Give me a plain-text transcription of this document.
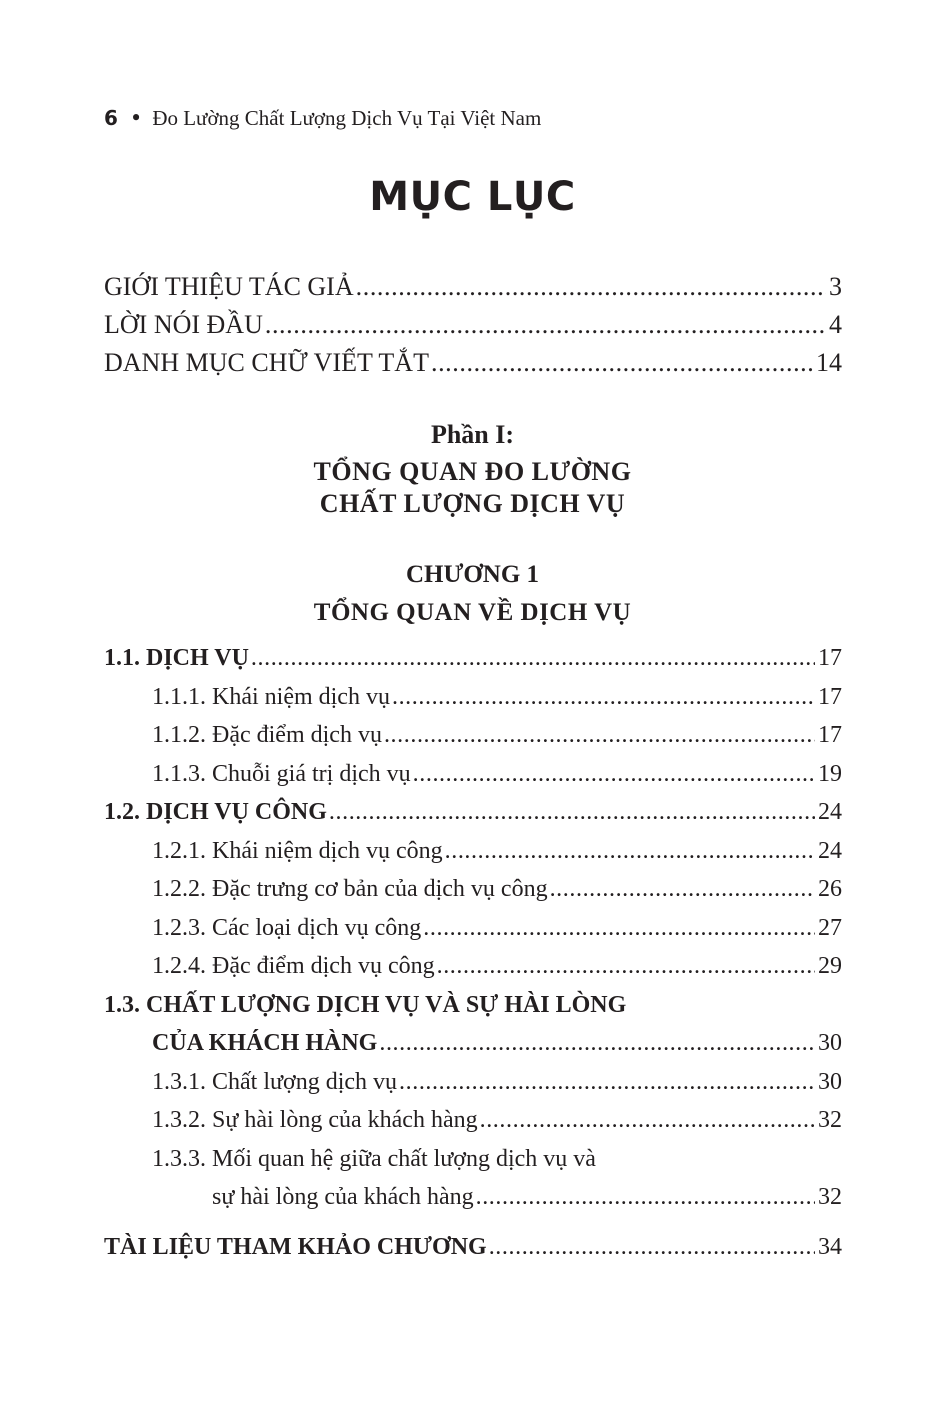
6 • Đo Lường Chất Lượng Dịch Vụ Tại Việt Nam
MỤC LỤC
GIỚI THIỆU TÁC GIẢ .....	3
LỜI NÓI ĐẦU .....	4
DANH MỤC CHỮ VIẾT TẮT .....	14
Phần I:
TỔNG QUAN ĐO LƯỜNG
CHẤT LƯỢNG DỊCH VỤ
CHƯƠNG 1
TỔNG QUAN VỀ DỊCH VỤ
1.1. DỊCH VỤ .....	17
1.1.1. Khái niệm dịch vụ .....	17
1.1.2. Đặc điểm dịch vụ .....	17
1.1.3. Chuỗi giá trị dịch vụ .....	19
1.2. DỊCH VỤ CÔNG .....	24
1.2.1. Khái niệm dịch vụ công .....	24
1.2.2. Đặc trưng cơ bản của dịch vụ công .....	26
1.2.3. Các loại dịch vụ công .....	27
1.2.4. Đặc điểm dịch vụ công .....	29
1.3. CHẤT LƯỢNG DỊCH VỤ VÀ SỰ HÀI LÒNG
CỦA KHÁCH HÀNG .....	30
1.3.1. Chất lượng dịch vụ .....	30
1.3.2. Sự hài lòng của khách hàng .....	32
1.3.3. Mối quan hệ giữa chất lượng dịch vụ và
sự hài lòng của khách hàng .....	32
TÀI LIỆU THAM KHẢO CHƯƠNG .....	34
